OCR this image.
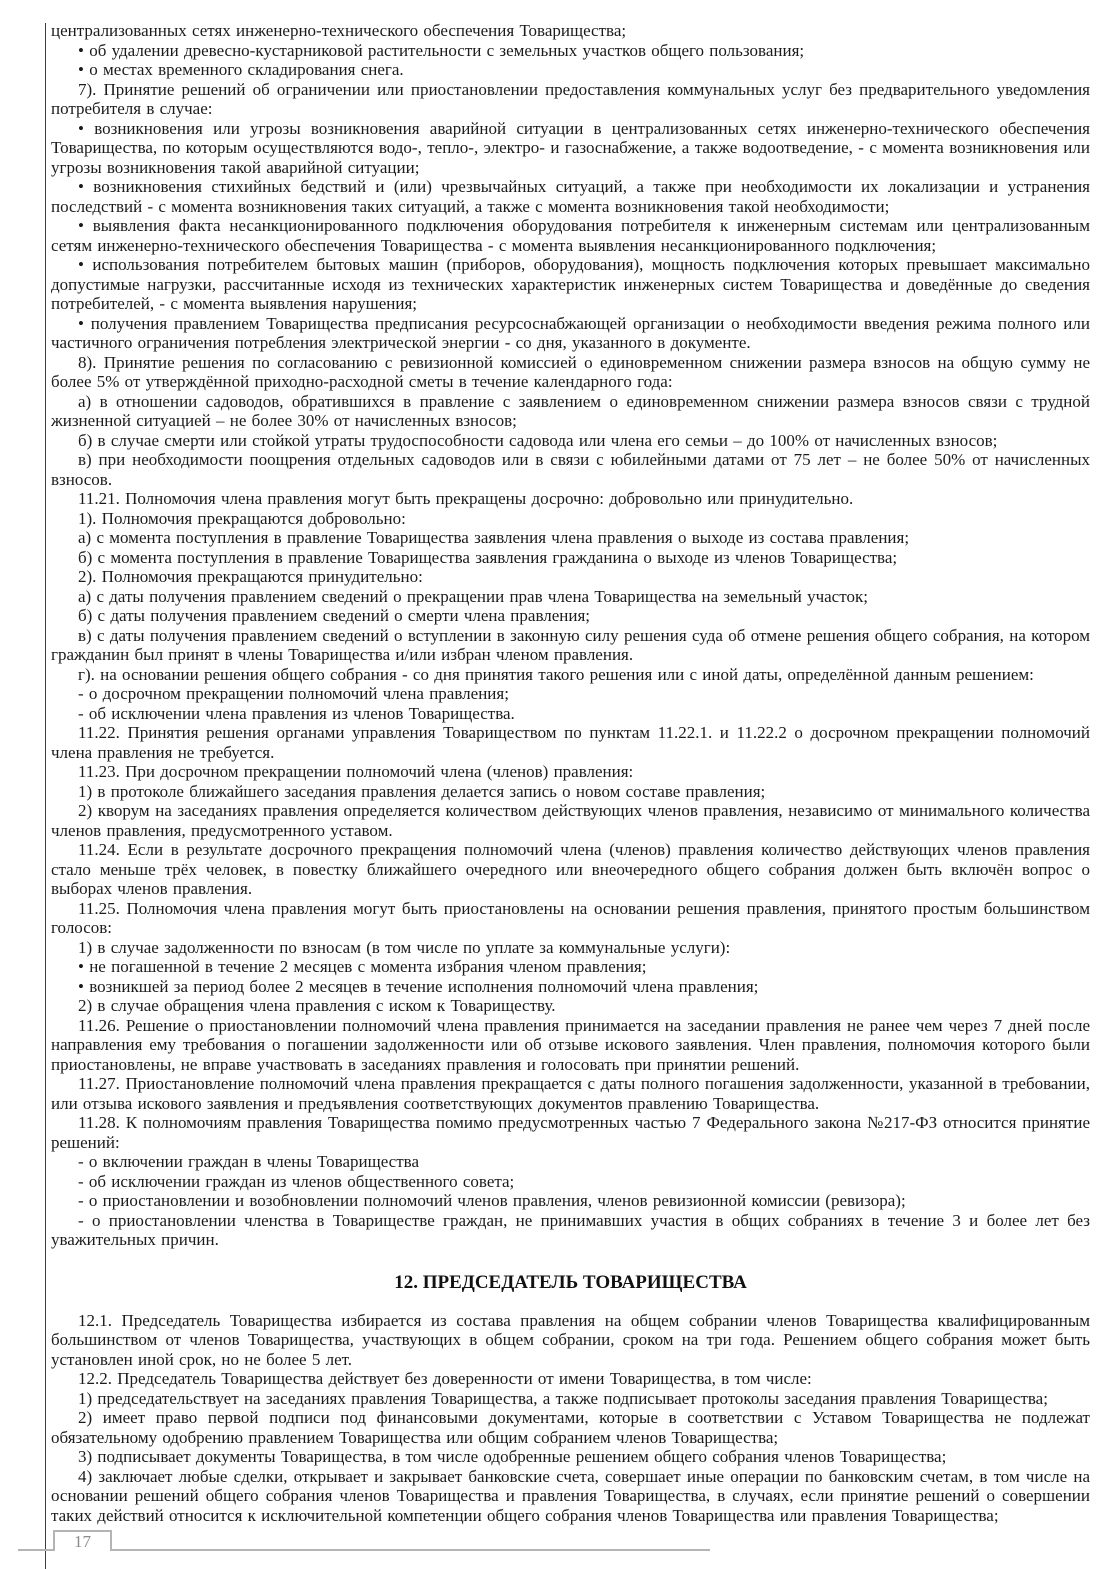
централизованных сетях инженерно-технического обеспечения Товарищества;

• об удалении древесно-кустарниковой растительности с земельных участков общего пользования;

• о местах временного складирования снега.

7). Принятие решений об ограничении или приостановлении предоставления коммунальных услуг без предварительного уведомления потребителя в случае:

• возникновения или угрозы возникновения аварийной ситуации в централизованных сетях инженерно-технического обеспечения Товарищества, по которым осуществляются водо-, тепло-, электро- и газоснабжение, а также водоотведение, - с момента возникновения или угрозы возникновения такой аварийной ситуации;

• возникновения стихийных бедствий и (или) чрезвычайных ситуаций, а также при необходимости их локализации и устранения последствий - с момента возникновения таких ситуаций, а также с момента возникновения такой необходимости;

• выявления факта несанкционированного подключения оборудования потребителя к инженерным системам или централизованным сетям инженерно-технического обеспечения Товарищества - с момента выявления несанкционированного подключения;

• использования потребителем бытовых машин (приборов, оборудования), мощность подключения которых превышает максимально допустимые нагрузки, рассчитанные исходя из технических характеристик инженерных систем Товарищества и доведённые до сведения потребителей, - с момента выявления нарушения;

• получения правлением Товарищества предписания ресурсоснабжающей организации о необходимости введения режима полного или частичного ограничения потребления электрической энергии - со дня, указанного в документе.

8). Принятие решения по согласованию с ревизионной комиссией о единовременном снижении размера взносов на общую сумму не более 5% от утверждённой приходно-расходной сметы в течение календарного года:

а) в отношении садоводов, обратившихся в правление с заявлением о единовременном снижении размера взносов связи с трудной жизненной ситуацией – не более 30% от начисленных взносов;

б) в случае смерти или стойкой утраты трудоспособности садовода или члена его семьи – до 100% от начисленных взносов;

в) при необходимости поощрения отдельных садоводов или в связи с юбилейными датами от 75 лет – не более 50% от начисленных взносов.

11.21. Полномочия члена правления могут быть прекращены досрочно: добровольно или принудительно.

1). Полномочия прекращаются добровольно:

а) с момента поступления в правление Товарищества заявления члена правления о выходе из состава правления;

б) с момента поступления в правление Товарищества заявления гражданина о выходе из членов Товарищества;

2). Полномочия прекращаются принудительно:

а) с даты получения правлением сведений о прекращении прав члена Товарищества на земельный участок;

б) с даты получения правлением сведений о смерти члена правления;

в) с даты получения правлением сведений о вступлении в законную силу решения суда об отмене решения общего собрания, на котором гражданин был принят в члены Товарищества и/или избран членом правления.

г). на основании решения общего собрания - со дня принятия такого решения или с иной даты, определённой данным решением:

- о досрочном прекращении полномочий члена правления;

- об исключении члена правления из членов Товарищества.

11.22. Принятия решения органами управления Товариществом по пунктам 11.22.1. и 11.22.2 о досрочном прекращении полномочий члена правления не требуется.

11.23. При досрочном прекращении полномочий члена (членов) правления:

1) в протоколе ближайшего заседания правления делается запись о новом составе правления;

2) кворум на заседаниях правления определяется количеством действующих членов правления, независимо от минимального количества членов правления, предусмотренного уставом.

11.24. Если в результате досрочного прекращения полномочий члена (членов) правления количество действующих членов правления стало меньше трёх человек, в повестку ближайшего очередного или внеочередного общего собрания должен быть включён вопрос о выборах членов правления.

11.25. Полномочия члена правления могут быть приостановлены на основании решения правления, принятого простым большинством голосов:

1) в случае задолженности по взносам (в том числе по уплате за коммунальные услуги):

• не погашенной в течение 2 месяцев с момента избрания членом правления;

• возникшей за период более 2 месяцев в течение исполнения полномочий члена правления;

2) в случае обращения члена правления с иском к Товариществу.

11.26. Решение о приостановлении полномочий члена правления принимается на заседании правления не ранее чем через 7 дней после направления ему требования о погашении задолженности или об отзыве искового заявления. Член правления, полномочия которого были приостановлены, не вправе участвовать в заседаниях правления и голосовать при принятии решений.

11.27. Приостановление полномочий члена правления прекращается с даты полного погашения задолженности, указанной в требовании, или отзыва искового заявления и предъявления соответствующих документов правлению Товарищества.

11.28. К полномочиям правления Товарищества помимо предусмотренных частью 7 Федерального закона №217-ФЗ относится принятие решений:

- о включении граждан в члены Товарищества

- об исключении граждан из членов общественного совета;

- о приостановлении и возобновлении полномочий членов правления, членов ревизионной комиссии (ревизора);

- о приостановлении членства в Товариществе граждан, не принимавших участия в общих собраниях в течение 3 и более лет без уважительных причин.

12. ПРЕДСЕДАТЕЛЬ ТОВАРИЩЕСТВА

12.1. Председатель Товарищества избирается из состава правления на общем собрании членов Товарищества квалифицированным большинством от членов Товарищества, участвующих в общем собрании, сроком на три года. Решением общего собрания может быть установлен иной срок, но не более 5 лет.

12.2. Председатель Товарищества действует без доверенности от имени Товарищества, в том числе:

1) председательствует на заседаниях правления Товарищества, а также подписывает протоколы заседания правления Товарищества;

2) имеет право первой подписи под финансовыми документами, которые в соответствии с Уставом Товарищества не подлежат обязательному одобрению правлением Товарищества или общим собранием членов Товарищества;

3) подписывает документы Товарищества, в том числе одобренные решением общего собрания членов Товарищества;

4) заключает любые сделки, открывает и закрывает банковские счета, совершает иные операции по банковским счетам, в том числе на основании решений общего собрания членов Товарищества и правления Товарищества, в случаях, если принятие решений о совершении таких действий относится к исключительной компетенции общего собрания членов Товарищества или правления Товарищества;

17
